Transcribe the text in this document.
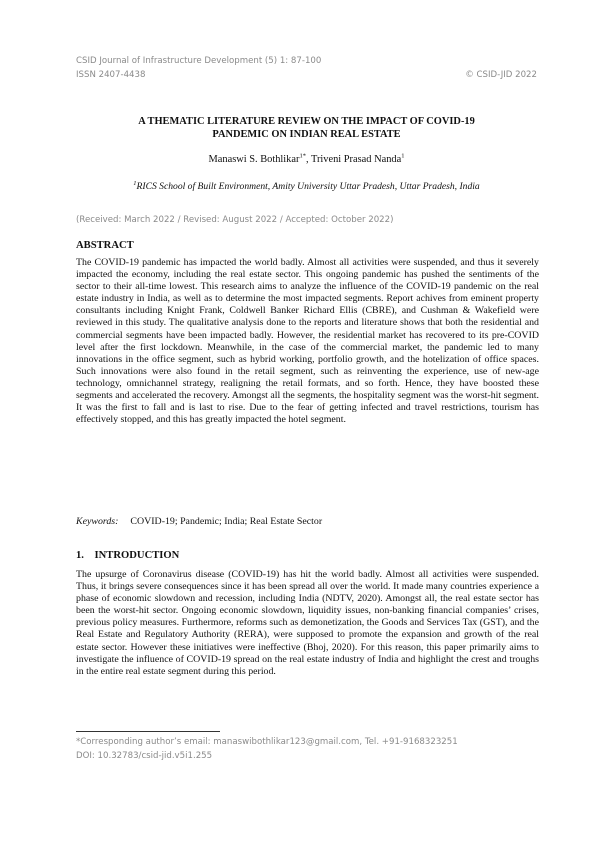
CSID Journal of Infrastructure Development (5) 1: 87-100
ISSN 2407-4438	© CSID-JID 2022
A THEMATIC LITERATURE REVIEW ON THE IMPACT OF COVID-19
PANDEMIC ON INDIAN REAL ESTATE
Manaswi S. Bothlikar$^{1*}$, Triveni Prasad Nanda$^1$
$^1$RICS School of Built Environment, Amity University Uttar Pradesh, Uttar Pradesh, India
(Received: March 2022 / Revised: August 2022 / Accepted: October 2022)
ABSTRACT

The COVID-19 pandemic has impacted the world badly. Almost all activities were suspended, and thus it severely impacted the economy, including the real estate sector. This ongoing pandemic has pushed the sentiments of the sector to their all-time lowest. This research aims to analyze the influence of the COVID-19 pandemic on the real estate industry in India, as well as to determine the most impacted segments. Report achives from eminent property consultants including Knight Frank, Coldwell Banker Richard Ellis (CBRE), and Cushman & Wakefield were reviewed in this study. The qualitative analysis done to the reports and literature shows that both the residential and commercial segments have been impacted badly. However, the residential market has recovered to its pre-COVID level after the first lockdown. Meanwhile, in the case of the commercial market, the pandemic led to many innovations in the office segment, such as hybrid working, portfolio growth, and the hotelization of office spaces. Such innovations were also found in the retail segment, such as reinventing the experience, use of new-age technology, omnichannel strategy, realigning the retail formats, and so forth. Hence, they have boosted these segments and accelerated the recovery. Amongst all the segments, the hospitality segment was the worst-hit segment. It was the first to fall and is last to rise. Due to the fear of getting infected and travel restrictions, tourism has effectively stopped, and this has greatly impacted the hotel segment.

Keywords: COVID-19; Pandemic; India; Real Estate Sector
1.    INTRODUCTION

The upsurge of Coronavirus disease (COVID-19) has hit the world badly. Almost all activities were suspended. Thus, it brings severe consequences since it has been spread all over the world. It made many countries experience a phase of economic slowdown and recession, including India (NDTV, 2020). Amongst all, the real estate sector has been the worst-hit sector. Ongoing economic slowdown, liquidity issues, non-banking financial companies’ crises, previous policy measures. Furthermore, reforms such as demonetization, the Goods and Services Tax (GST), and the Real Estate and Regulatory Authority (RERA), were supposed to promote the expansion and growth of the real estate sector. However these initiatives were ineffective (Bhoj, 2020). For this reason, this paper primarily aims to investigate the influence of COVID-19 spread on the real estate industry of India and highlight the crest and troughs in the entire real estate segment during this period.

*Corresponding author’s email: manaswibothlikar123@gmail.com, Tel. +91-9168323251
DOI: 10.32783/csid-jid.v5i1.255
